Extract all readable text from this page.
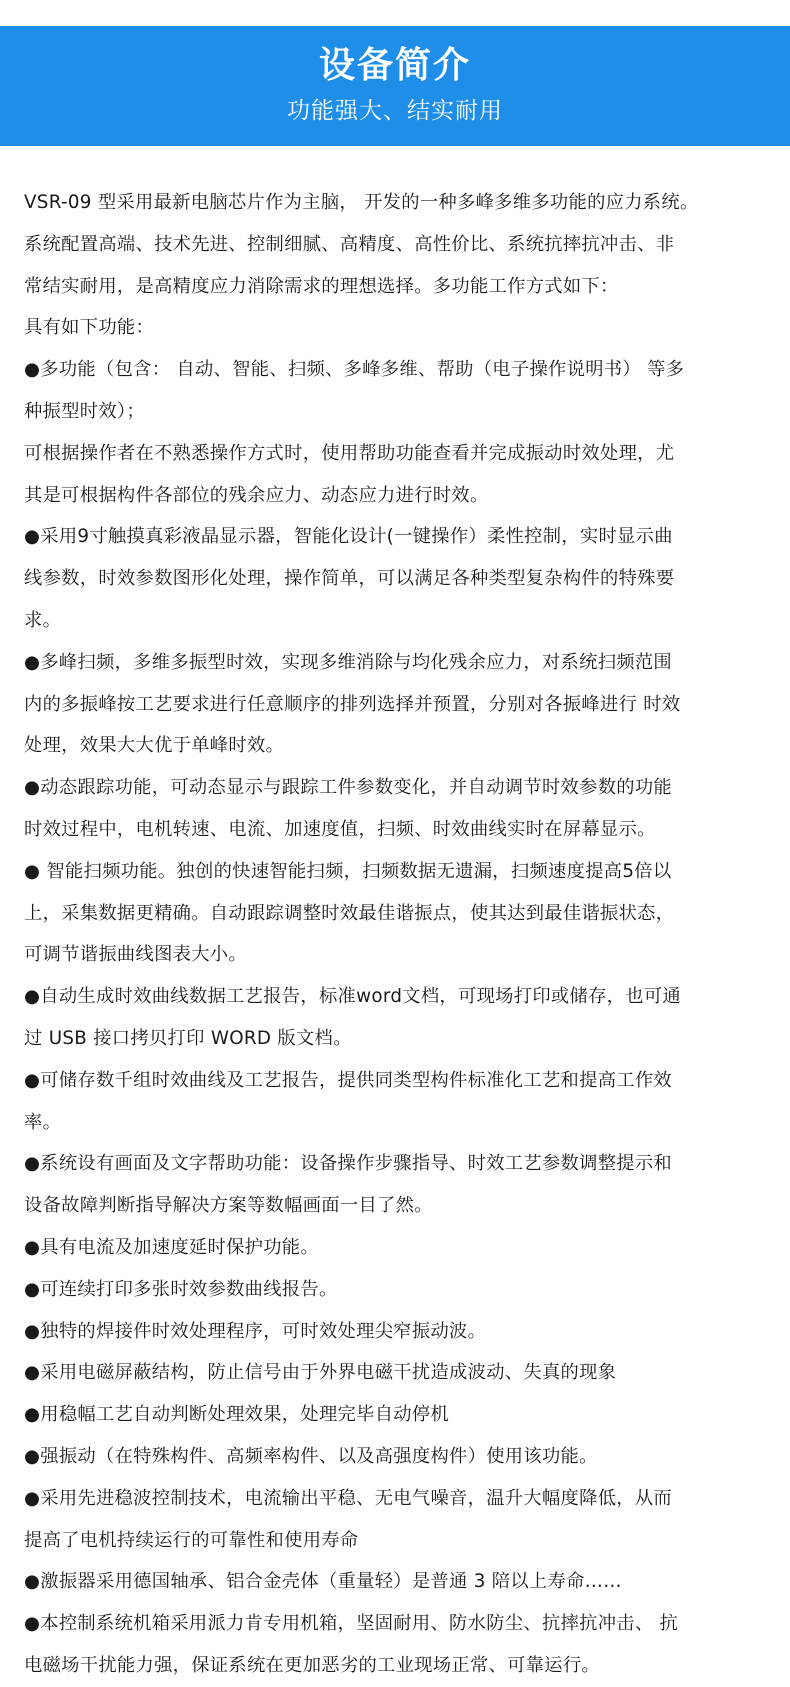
设备简介
功能强大、结实耐用
VSR-09 型采用最新电脑芯片作为主脑， 开发的一种多峰多维多功能的应力系统。
系统配置高端、技术先进、控制细腻、高精度、高性价比、系统抗摔抗冲击、非
常结实耐用，是高精度应力消除需求的理想选择。多功能工作方式如下：
具有如下功能：
●多功能（包含： 自动、智能、扫频、多峰多维、帮助（电子操作说明书） 等多
种振型时效）；
可根据操作者在不熟悉操作方式时，使用帮助功能查看并完成振动时效处理，尤
其是可根据构件各部位的残余应力、动态应力进行时效。
●采用9寸触摸真彩液晶显示器，智能化设计(一键操作）柔性控制，实时显示曲
线参数，时效参数图形化处理，操作简单，可以满足各种类型复杂构件的特殊要
求。
●多峰扫频，多维多振型时效，实现多维消除与均化残余应力，对系统扫频范围
内的多振峰按工艺要求进行任意顺序的排列选择并预置，分别对各振峰进行 时效
处理，效果大大优于单峰时效。
●动态跟踪功能，可动态显示与跟踪工件参数变化，并自动调节时效参数的功能
时效过程中，电机转速、电流、加速度值，扫频、时效曲线实时在屏幕显示。
● 智能扫频功能。独创的快速智能扫频，扫频数据无遗漏，扫频速度提高5倍以
上，采集数据更精确。自动跟踪调整时效最佳谐振点，使其达到最佳谐振状态，
可调节谐振曲线图表大小。
●自动生成时效曲线数据工艺报告，标准word文档，可现场打印或储存，也可通
过 USB 接口拷贝打印 WORD 版文档。
●可储存数千组时效曲线及工艺报告，提供同类型构件标准化工艺和提高工作效
率。
●系统设有画面及文字帮助功能：设备操作步骤指导、时效工艺参数调整提示和
设备故障判断指导解决方案等数幅画面一目了然。
●具有电流及加速度延时保护功能。
●可连续打印多张时效参数曲线报告。
●独特的焊接件时效处理程序，可时效处理尖窄振动波。
●采用电磁屏蔽结构，防止信号由于外界电磁干扰造成波动、失真的现象
●用稳幅工艺自动判断处理效果，处理完毕自动停机
●强振动（在特殊构件、高频率构件、以及高强度构件）使用该功能。
●采用先进稳波控制技术，电流输出平稳、无电气噪音，温升大幅度降低，从而
提高了电机持续运行的可靠性和使用寿命
●激振器采用德国轴承、铝合金壳体（重量轻）是普通 3 陪以上寿命……
●本控制系统机箱采用派力肯专用机箱，坚固耐用、防水防尘、抗摔抗冲击、 抗
电磁场干扰能力强，保证系统在更加恶劣的工业现场正常、可靠运行。
